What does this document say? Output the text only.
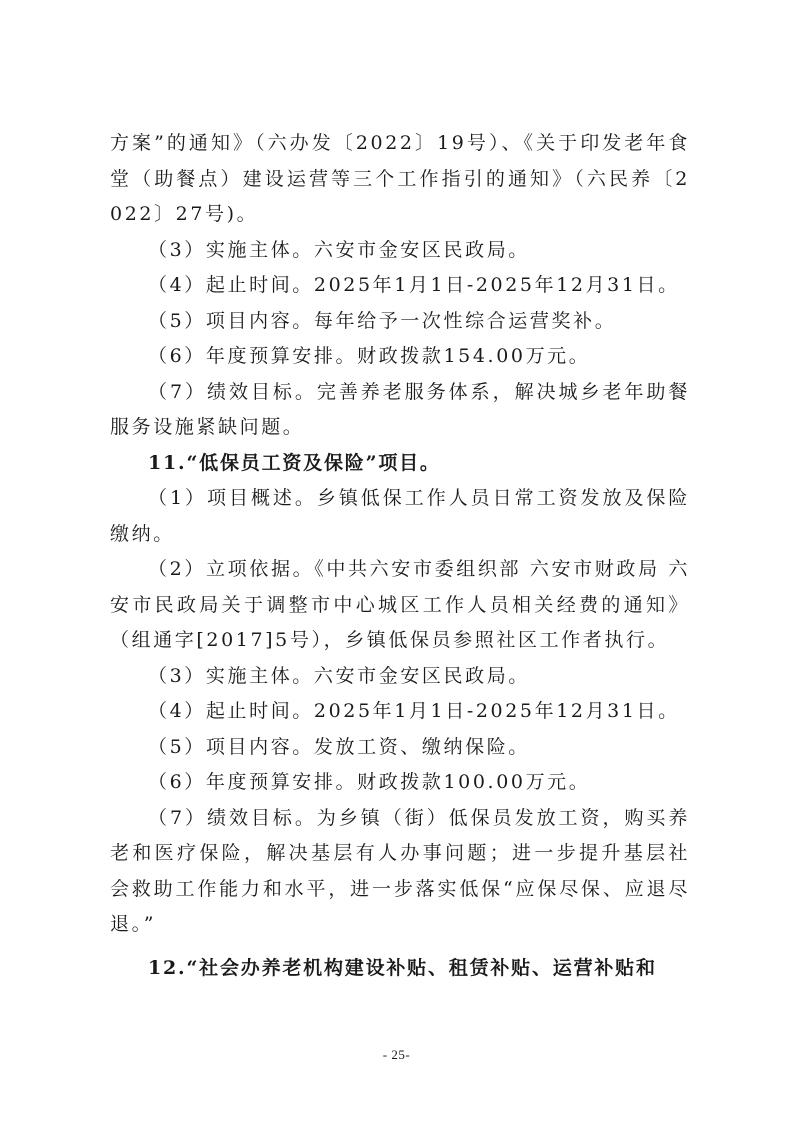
方案”的通知》（六办发〔2022〕19号）、《关于印发老年食堂（助餐点）建设运营等三个工作指引的通知》（六民养〔2022〕27号)。

（3）实施主体。六安市金安区民政局。

（4）起止时间。2025年1月1日-2025年12月31日。

（5）项目内容。每年给予一次性综合运营奖补。

（6）年度预算安排。财政拨款154.00万元。

（7）绩效目标。完善养老服务体系，解决城乡老年助餐服务设施紧缺问题。

11.“低保员工资及保险”项目。

（1）项目概述。乡镇低保工作人员日常工资发放及保险缴纳。

（2）立项依据。《中共六安市委组织部 六安市财政局 六安市民政局关于调整市中心城区工作人员相关经费的通知》（组通字[2017]5号），乡镇低保员参照社区工作者执行。

（3）实施主体。六安市金安区民政局。

（4）起止时间。2025年1月1日-2025年12月31日。

（5）项目内容。发放工资、缴纳保险。

（6）年度预算安排。财政拨款100.00万元。

（7）绩效目标。为乡镇（街）低保员发放工资，购买养老和医疗保险，解决基层有人办事问题；进一步提升基层社会救助工作能力和水平，进一步落实低保“应保尽保、应退尽退。”

12.“社会办养老机构建设补贴、租赁补贴、运营补贴和

- 25-
